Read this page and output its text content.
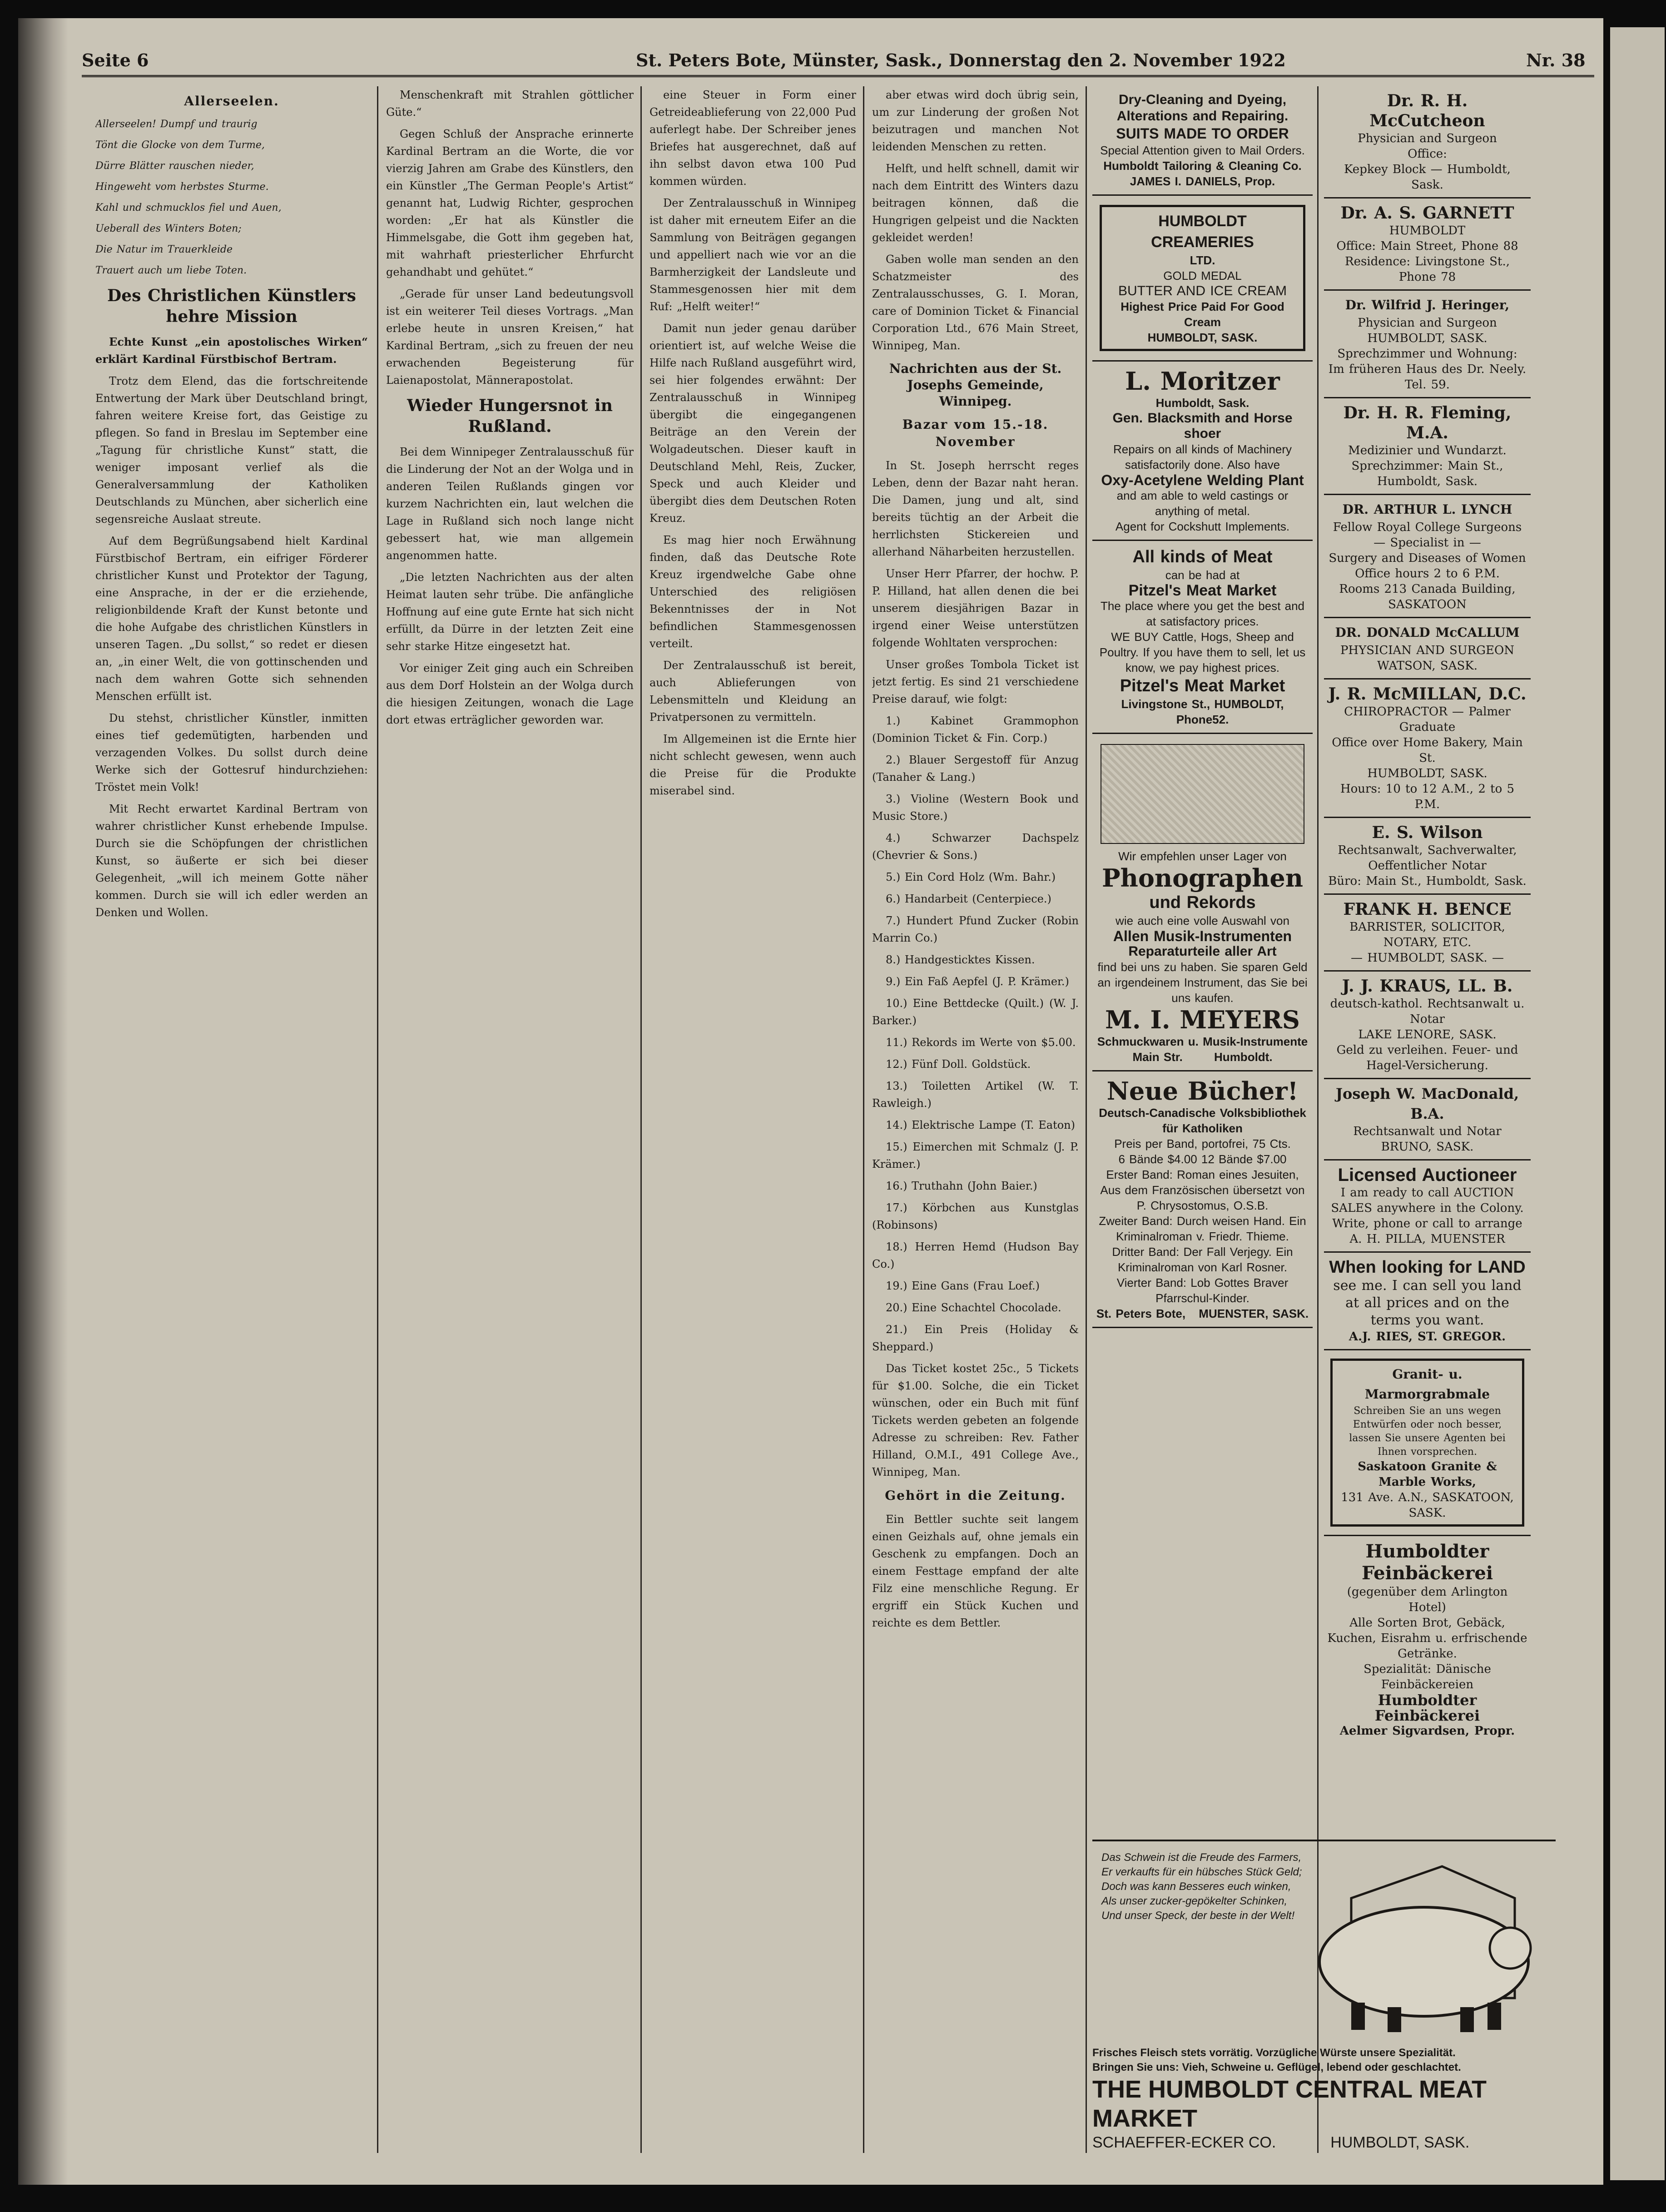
Seite 6	St. Peters Bote, Münster, Sask., Donnerstag den 2. November 1922	Nr. 38
Allerseelen.

Allerseelen! Dumpf und traurig

Tönt die Glocke von dem Turme,

Dürre Blätter rauschen nieder,

Hingeweht vom herbstes Sturme.

Kahl und schmucklos fiel und Auen,

Ueberall des Winters Boten;

Die Natur im Trauerkleide

Trauert auch um liebe Toten.

Des Christlichen Künstlers hehre Mission

Echte Kunst „ein apostolisches Wirken“ erklärt Kardinal Fürstbischof Bertram.

Trotz dem Elend, das die fortschreitende Entwertung der Mark über Deutschland bringt, fahren weitere Kreise fort, das Geistige zu pflegen. So fand in Breslau im September eine „Tagung für christliche Kunst“ statt, die weniger imposant verlief als die Generalversammlung der Katholiken Deutschlands zu München, aber sicherlich eine segensreiche Auslaat streute.

Auf dem Begrüßungsabend hielt Kardinal Fürstbischof Bertram, ein eifriger Förderer christlicher Kunst und Protektor der Tagung, eine Ansprache, in der er die erziehende, religionbildende Kraft der Kunst betonte und die hohe Aufgabe des christlichen Künstlers in unseren Tagen. „Du sollst,“ so redet er diesen an, „in einer Welt, die von gottinschenden und nach dem wahren Gotte sich sehnenden Menschen erfüllt ist.

Du stehst, christlicher Künstler, inmitten eines tief gedemütigten, harbenden und verzagenden Volkes. Du sollst durch deine Werke sich der Gottesruf hindurchziehen: Tröstet mein Volk!

Mit Recht erwartet Kardinal Bertram von wahrer christlicher Kunst erhebende Impulse. Durch sie die Schöpfungen der christlichen Kunst, so äußerte er sich bei dieser Gelegenheit, „will ich meinem Gotte näher kommen. Durch sie will ich edler werden an Denken und Wollen.

Menschenkraft mit Strahlen göttlicher Güte.“

Gegen Schluß der Ansprache erinnerte Kardinal Bertram an die Worte, die vor vierzig Jahren am Grabe des Künstlers, den ein Künstler „The German People's Artist“ genannt hat, Ludwig Richter, gesprochen worden: „Er hat als Künstler die Himmelsgabe, die Gott ihm gegeben hat, mit wahrhaft priesterlicher Ehrfurcht gehandhabt und gehütet.“

„Gerade für unser Land bedeutungsvoll ist ein weiterer Teil dieses Vortrags. „Man erlebe heute in unsren Kreisen,“ hat Kardinal Bertram, „sich zu freuen der neu erwachenden Begeisterung für Laienapostolat, Männerapostolat.

Wieder Hungersnot in Rußland.

Bei dem Winnipeger Zentralausschuß für die Linderung der Not an der Wolga und in anderen Teilen Rußlands gingen vor kurzem Nachrichten ein, laut welchen die Lage in Rußland sich noch lange nicht gebessert hat, wie man allgemein angenommen hatte.

„Die letzten Nachrichten aus der alten Heimat lauten sehr trübe. Die anfängliche Hoffnung auf eine gute Ernte hat sich nicht erfüllt, da Dürre in der letzten Zeit eine sehr starke Hitze eingesetzt hat.

Vor einiger Zeit ging auch ein Schreiben aus dem Dorf Holstein an der Wolga durch die hiesigen Zeitungen, wonach die Lage dort etwas erträglicher geworden war.

eine Steuer in Form einer Getreideablieferung von 22,000 Pud auferlegt habe. Der Schreiber jenes Briefes hat ausgerechnet, daß auf ihn selbst davon etwa 100 Pud kommen würden.

Der Zentralausschuß in Winnipeg ist daher mit erneutem Eifer an die Sammlung von Beiträgen gegangen und appelliert nach wie vor an die Barmherzigkeit der Landsleute und Stammesgenossen hier mit dem Ruf: „Helft weiter!“

Damit nun jeder genau darüber orientiert ist, auf welche Weise die Hilfe nach Rußland ausgeführt wird, sei hier folgendes erwähnt: Der Zentralausschuß in Winnipeg übergibt die eingegangenen Beiträge an den Verein der Wolgadeutschen. Dieser kauft in Deutschland Mehl, Reis, Zucker, Speck und auch Kleider und übergibt dies dem Deutschen Roten Kreuz.

Es mag hier noch Erwähnung finden, daß das Deutsche Rote Kreuz irgendwelche Gabe ohne Unterschied des religiösen Bekenntnisses der in Not befindlichen Stammesgenossen verteilt.

Der Zentralausschuß ist bereit, auch Ablieferungen von Lebensmitteln und Kleidung an Privatpersonen zu vermitteln.

Im Allgemeinen ist die Ernte hier nicht schlecht gewesen, wenn auch die Preise für die Produkte miserabel sind.

aber etwas wird doch übrig sein, um zur Linderung der großen Not beizutragen und manchen Not leidenden Menschen zu retten.

Helft, und helft schnell, damit wir nach dem Eintritt des Winters dazu beitragen können, daß die Hungrigen gelpeist und die Nackten gekleidet werden!

Gaben wolle man senden an den Schatzmeister des Zentralausschusses, G. I. Moran, care of Dominion Ticket & Financial Corporation Ltd., 676 Main Street, Winnipeg, Man.

Nachrichten aus der St. Josephs Gemeinde, Winnipeg.
Bazar vom 15.-18. November

In St. Joseph herrscht reges Leben, denn der Bazar naht heran. Die Damen, jung und alt, sind bereits tüchtig an der Arbeit die herrlichsten Stickereien und allerhand Näharbeiten herzustellen.

Unser Herr Pfarrer, der hochw. P. P. Hilland, hat allen denen die bei unserem diesjährigen Bazar in irgend einer Weise unterstützen folgende Wohltaten versprochen:

Unser großes Tombola Ticket ist jetzt fertig. Es sind 21 verschiedene Preise darauf, wie folgt:

1.) Kabinet Grammophon (Dominion Ticket & Fin. Corp.)

2.) Blauer Sergestoff für Anzug (Tanaher & Lang.)

3.) Violine (Western Book und Music Store.)

4.) Schwarzer Dachspelz (Chevrier & Sons.)

5.) Ein Cord Holz (Wm. Bahr.)

6.) Handarbeit (Centerpiece.)

7.) Hundert Pfund Zucker (Robin Marrin Co.)

8.) Handgesticktes Kissen.

9.) Ein Faß Aepfel (J. P. Krämer.)

10.) Eine Bettdecke (Quilt.) (W. J. Barker.)

11.) Rekords im Werte von $5.00.

12.) Fünf Doll. Goldstück.

13.) Toiletten Artikel (W. T. Rawleigh.)

14.) Elektrische Lampe (T. Eaton)

15.) Eimerchen mit Schmalz (J. P. Krämer.)

16.) Truthahn (John Baier.)

17.) Körbchen aus Kunstglas (Robinsons)

18.) Herren Hemd (Hudson Bay Co.)

19.) Eine Gans (Frau Loef.)

20.) Eine Schachtel Chocolade.

21.) Ein Preis (Holiday & Sheppard.)

Das Ticket kostet 25c., 5 Tickets für $1.00. Solche, die ein Ticket wünschen, oder ein Buch mit fünf Tickets werden gebeten an folgende Adresse zu schreiben: Rev. Father Hilland, O.M.I., 491 College Ave., Winnipeg, Man.

Gehört in die Zeitung.

Ein Bettler suchte seit langem einen Geizhals auf, ohne jemals ein Geschenk zu empfangen. Doch an einem Festtage empfand der alte Filz eine menschliche Regung. Er ergriff ein Stück Kuchen und reichte es dem Bettler.

Dry-Cleaning and Dyeing,
Alterations and Repairing.
SUITS MADE TO ORDER
Special Attention given to Mail Orders.
Humboldt Tailoring & Cleaning Co.
JAMES I. DANIELS, Prop.
HUMBOLDT CREAMERIES
LTD.
GOLD MEDAL
BUTTER AND ICE CREAM
Highest Price Paid For Good Cream
HUMBOLDT, SASK.
L. Moritzer
Humboldt, Sask.
Gen. Blacksmith and Horse shoer
Repairs on all kinds of Machinery satisfactorily done. Also have
Oxy-Acetylene Welding Plant
and am able to weld castings or anything of metal.
Agent for Cockshutt Implements.
All kinds of Meat
can be had at
Pitzel's Meat Market
The place where you get the best and at satisfactory prices.
WE BUY Cattle, Hogs, Sheep and Poultry. If you have them to sell, let us know, we pay highest prices.
Pitzel's Meat Market
Livingstone St., HUMBOLDT, Phone52.
Wir empfehlen unser Lager von
Phonographen
und Rekords
wie auch eine volle Auswahl von
Allen Musik-Instrumenten
Reparaturteile aller Art
find bei uns zu haben. Sie sparen Geld an irgendeinem Instrument, das Sie bei uns kaufen.
M. I. MEYERS
Schmuckwaren u. Musik-Instrumente
Main Str.	Humboldt.
Neue Bücher!
Deutsch-Canadische Volksbibliothek für Katholiken
Preis per Band, portofrei, 75 Cts.
6 Bände $4.00 12 Bände $7.00
Erster Band: Roman eines Jesuiten, Aus dem Französischen übersetzt von P. Chrysostomus, O.S.B.
Zweiter Band: Durch weisen Hand. Ein Kriminalroman v. Friedr. Thieme.
Dritter Band: Der Fall Verjegy. Ein Kriminalroman von Karl Rosner.
Vierter Band: Lob Gottes Braver Pfarrschul-Kinder.
St. Peters Bote, MUENSTER, SASK.
Dr. R. H. McCutcheon
Physician and Surgeon
Office:
Kepkey Block — Humboldt, Sask.
Dr. A. S. GARNETT
HUMBOLDT
Office: Main Street, Phone 88
Residence: Livingstone St., Phone 78
Dr. Wilfrid J. Heringer,
Physician and Surgeon
HUMBOLDT, SASK.
Sprechzimmer und Wohnung:
Im früheren Haus des Dr. Neely. Tel. 59.
Dr. H. R. Fleming, M.A.
Medizinier und Wundarzt.
Sprechzimmer: Main St., Humboldt, Sask.
DR. ARTHUR L. LYNCH
Fellow Royal College Surgeons
— Specialist in —
Surgery and Diseases of Women
Office hours 2 to 6 P.M.
Rooms 213 Canada Building, SASKATOON
DR. DONALD McCALLUM
PHYSICIAN AND SURGEON
WATSON, SASK.
J. R. McMILLAN, D.C.
CHIROPRACTOR — Palmer Graduate
Office over Home Bakery, Main St.
HUMBOLDT, SASK.
Hours: 10 to 12 A.M., 2 to 5 P.M.
E. S. Wilson
Rechtsanwalt, Sachverwalter,
Oeffentlicher Notar
Büro: Main St., Humboldt, Sask.
FRANK H. BENCE
BARRISTER, SOLICITOR,
NOTARY, ETC.
— HUMBOLDT, SASK. —
J. J. KRAUS, LL. B.
deutsch-kathol. Rechtsanwalt u. Notar
LAKE LENORE, SASK.
Geld zu verleihen. Feuer- und Hagel-Versicherung.
Joseph W. MacDonald, B.A.
Rechtsanwalt und Notar
BRUNO, SASK.
Licensed Auctioneer
I am ready to call AUCTION SALES anywhere in the Colony.
Write, phone or call to arrange
A. H. PILLA, MUENSTER
When looking for LAND
see me. I can sell you land at all prices and on the terms you want.
A.J. RIES, ST. GREGOR.
Granit- u. Marmorgrabmale
Schreiben Sie an uns wegen Entwürfen oder noch besser, lassen Sie unsere Agenten bei Ihnen vorsprechen.
Saskatoon Granite & Marble Works,
131 Ave. A.N., SASKATOON, SASK.
Humboldter Feinbäckerei
(gegenüber dem Arlington Hotel)
Alle Sorten Brot, Gebäck, Kuchen, Eisrahm u. erfrischende Getränke.
Spezialität: Dänische Feinbäckereien
Humboldter Feinbäckerei
Aelmer Sigvardsen, Propr.
Das Schwein ist die Freude des Farmers,
Er verkaufts für ein hübsches Stück Geld;
Doch was kann Besseres euch winken,
Als unser zucker-gepökelter Schinken,
Und unser Speck, der beste in der Welt!
Frisches Fleisch stets vorrätig. Vorzügliche Würste unsere Spezialität.
Bringen Sie uns: Vieh, Schweine u. Geflügel, lebend oder geschlachtet.
THE HUMBOLDT CENTRAL MEAT MARKET
SCHAEFFER-ECKER CO.	HUMBOLDT, SASK.
